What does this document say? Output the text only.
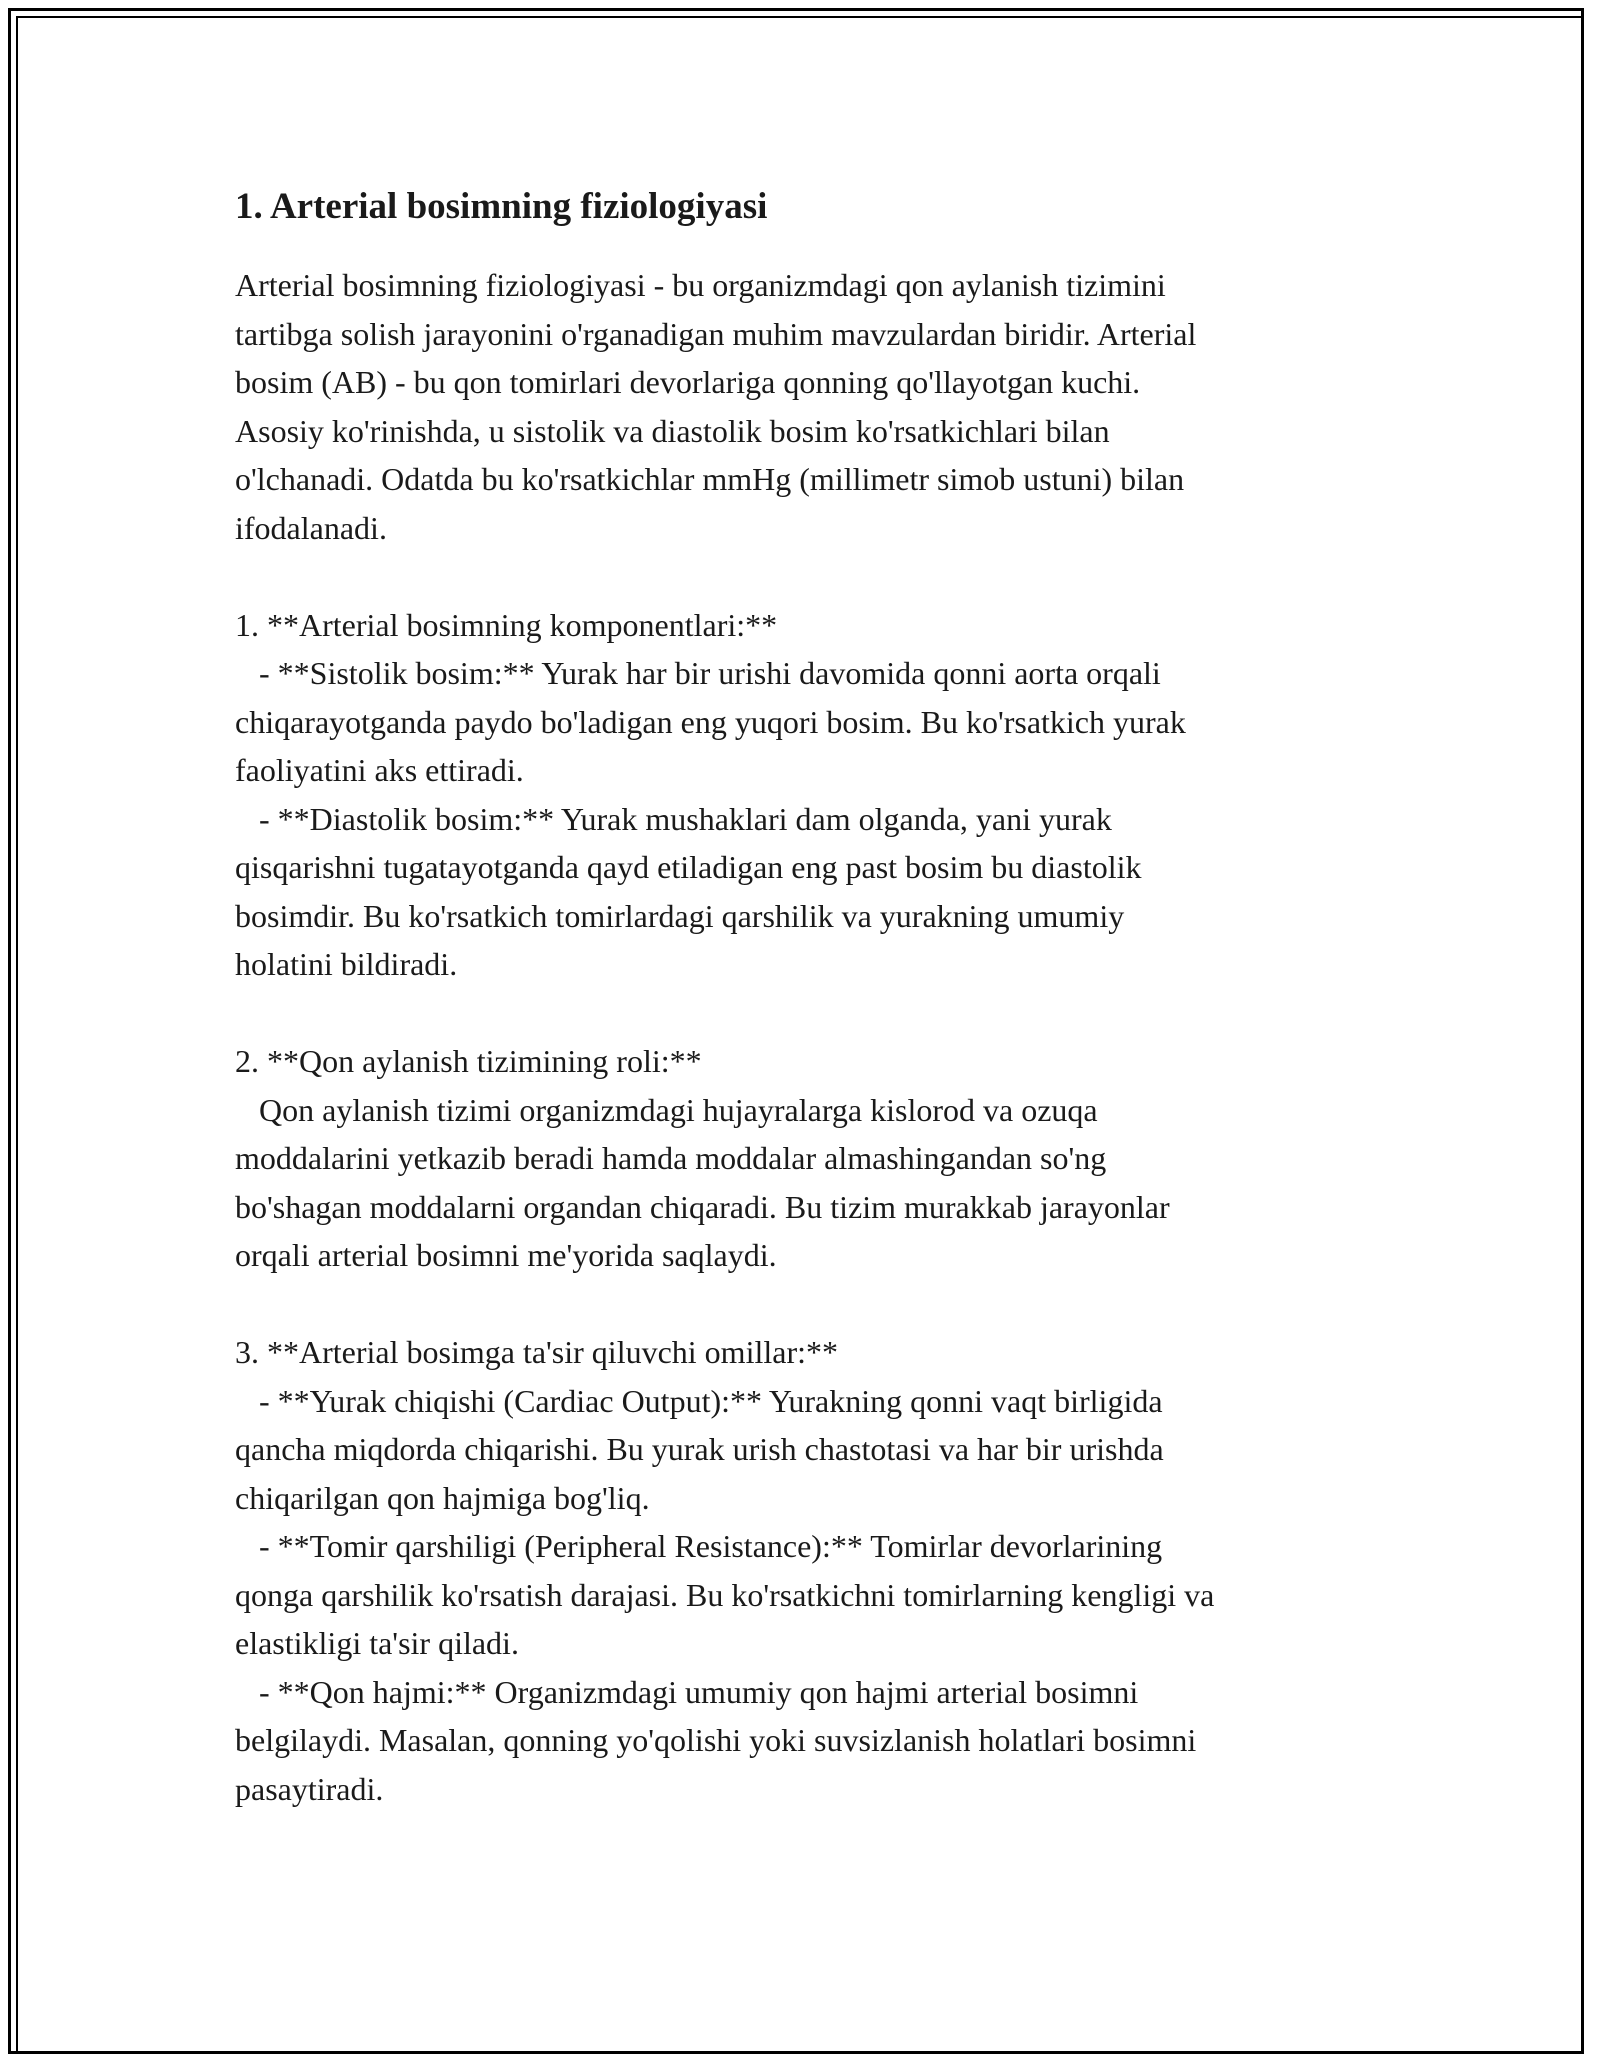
1. Arterial bosimning fiziologiyasi

Arterial bosimning fiziologiyasi - bu organizmdagi qon aylanish tizimini

tartibga solish jarayonini o'rganadigan muhim mavzulardan biridir. Arterial

bosim (AB) - bu qon tomirlari devorlariga qonning qo'llayotgan kuchi.

Asosiy ko'rinishda, u sistolik va diastolik bosim ko'rsatkichlari bilan

o'lchanadi. Odatda bu ko'rsatkichlar mmHg (millimetr simob ustuni) bilan

ifodalanadi.

1. **Arterial bosimning komponentlari:**

- **Sistolik bosim:** Yurak har bir urishi davomida qonni aorta orqali

chiqarayotganda paydo bo'ladigan eng yuqori bosim. Bu ko'rsatkich yurak

faoliyatini aks ettiradi.

- **Diastolik bosim:** Yurak mushaklari dam olganda, yani yurak

qisqarishni tugatayotganda qayd etiladigan eng past bosim bu diastolik

bosimdir. Bu ko'rsatkich tomirlardagi qarshilik va yurakning umumiy

holatini bildiradi.

2. **Qon aylanish tizimining roli:**

Qon aylanish tizimi organizmdagi hujayralarga kislorod va ozuqa

moddalarini yetkazib beradi hamda moddalar almashingandan so'ng

bo'shagan moddalarni organdan chiqaradi. Bu tizim murakkab jarayonlar

orqali arterial bosimni me'yorida saqlaydi.

3. **Arterial bosimga ta'sir qiluvchi omillar:**

- **Yurak chiqishi (Cardiac Output):** Yurakning qonni vaqt birligida

qancha miqdorda chiqarishi. Bu yurak urish chastotasi va har bir urishda

chiqarilgan qon hajmiga bog'liq.

- **Tomir qarshiligi (Peripheral Resistance):** Tomirlar devorlarining

qonga qarshilik ko'rsatish darajasi. Bu ko'rsatkichni tomirlarning kengligi va

elastikligi ta'sir qiladi.

- **Qon hajmi:** Organizmdagi umumiy qon hajmi arterial bosimni

belgilaydi. Masalan, qonning yo'qolishi yoki suvsizlanish holatlari bosimni

pasaytiradi.
